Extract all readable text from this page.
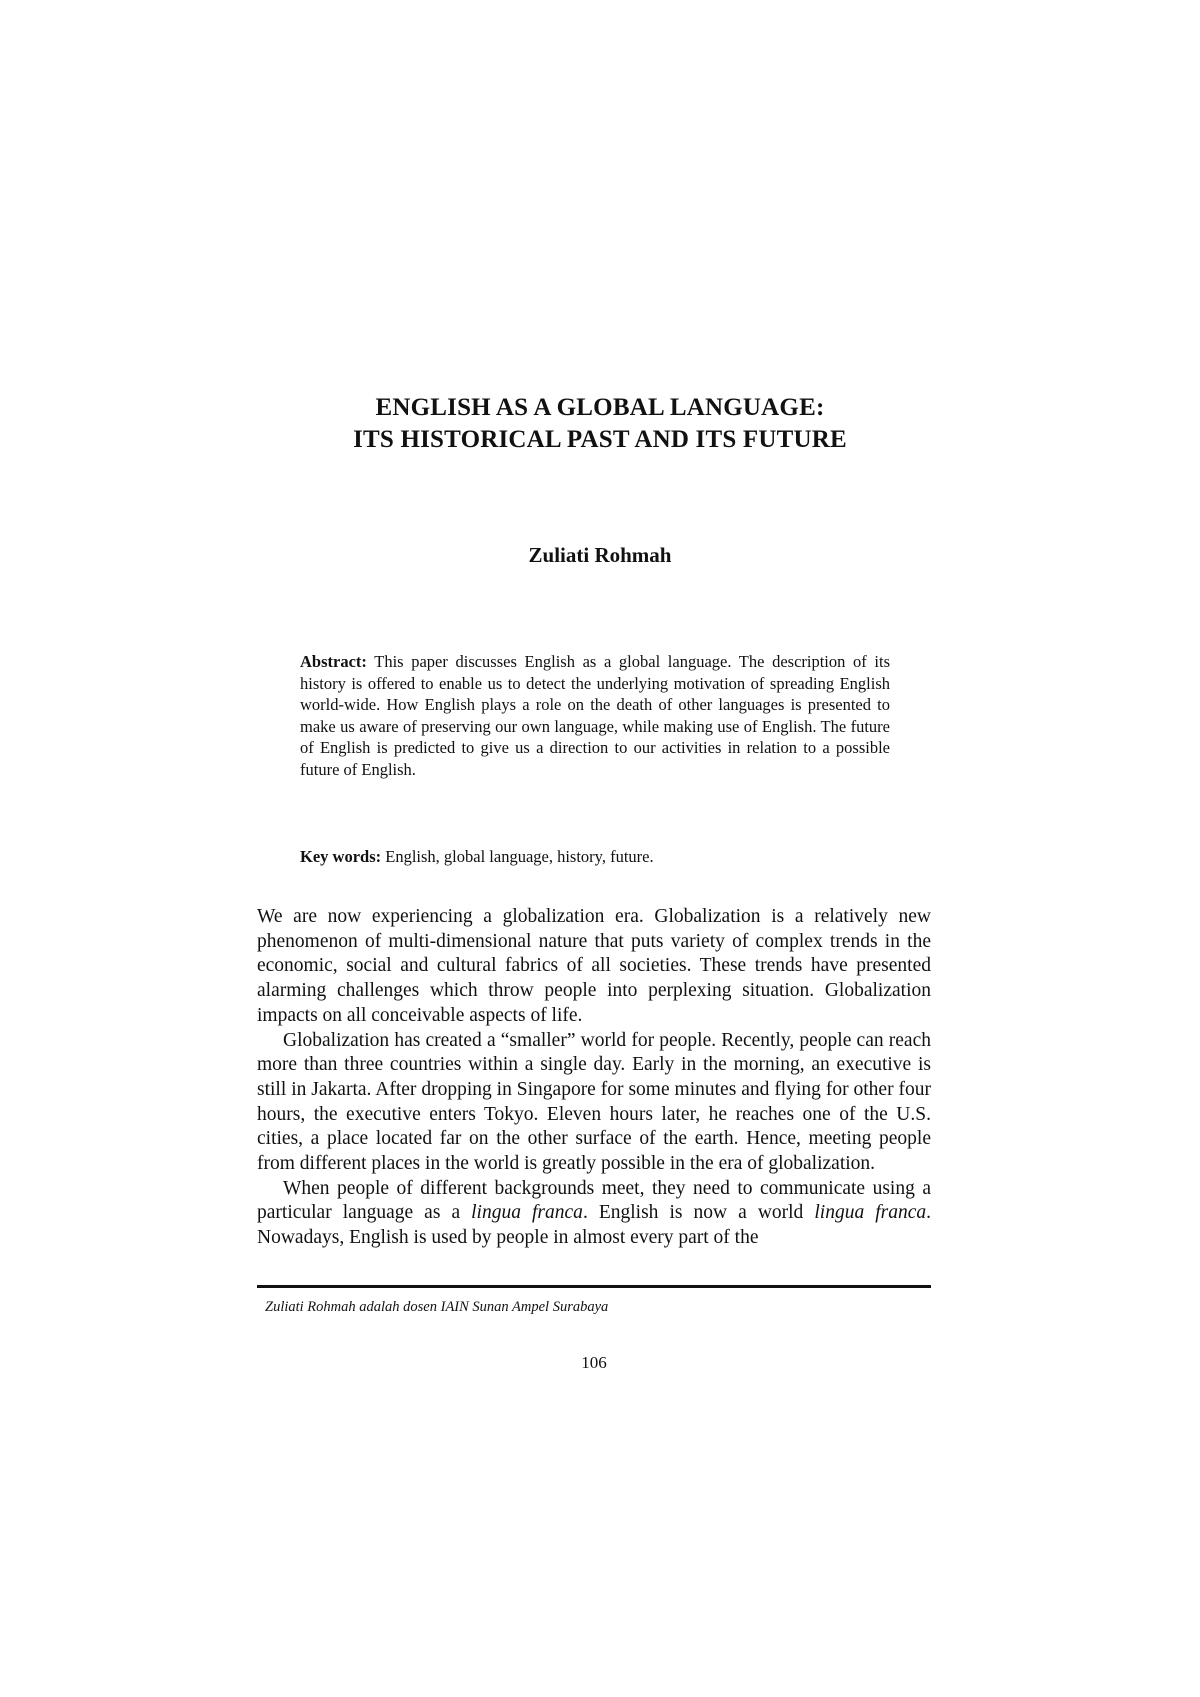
ENGLISH AS A GLOBAL LANGUAGE:
ITS HISTORICAL PAST AND ITS FUTURE
Zuliati Rohmah
Abstract: This paper discusses English as a global language. The description of its history is offered to enable us to detect the underlying motivation of spreading English world-wide. How English plays a role on the death of other languages is presented to make us aware of preserving our own language, while making use of English. The future of English is predicted to give us a direction to our activities in relation to a possible future of English.
Key words: English, global language, history, future.

We are now experiencing a globalization era. Globalization is a relatively new phenomenon of multi-dimensional nature that puts variety of complex trends in the economic, social and cultural fabrics of all societies. These trends have presented alarming challenges which throw people into perplexing situation. Globalization impacts on all conceivable aspects of life.

Globalization has created a “smaller” world for people. Recently, people can reach more than three countries within a single day. Early in the morning, an executive is still in Jakarta. After dropping in Singapore for some minutes and flying for other four hours, the executive enters Tokyo. Eleven hours later, he reaches one of the U.S. cities, a place located far on the other surface of the earth. Hence, meeting people from different places in the world is greatly possible in the era of globalization.

When people of different backgrounds meet, they need to communicate using a particular language as a lingua franca. English is now a world lingua franca. Nowadays, English is used by people in almost every part of the

Zuliati Rohmah adalah dosen IAIN Sunan Ampel Surabaya
106
